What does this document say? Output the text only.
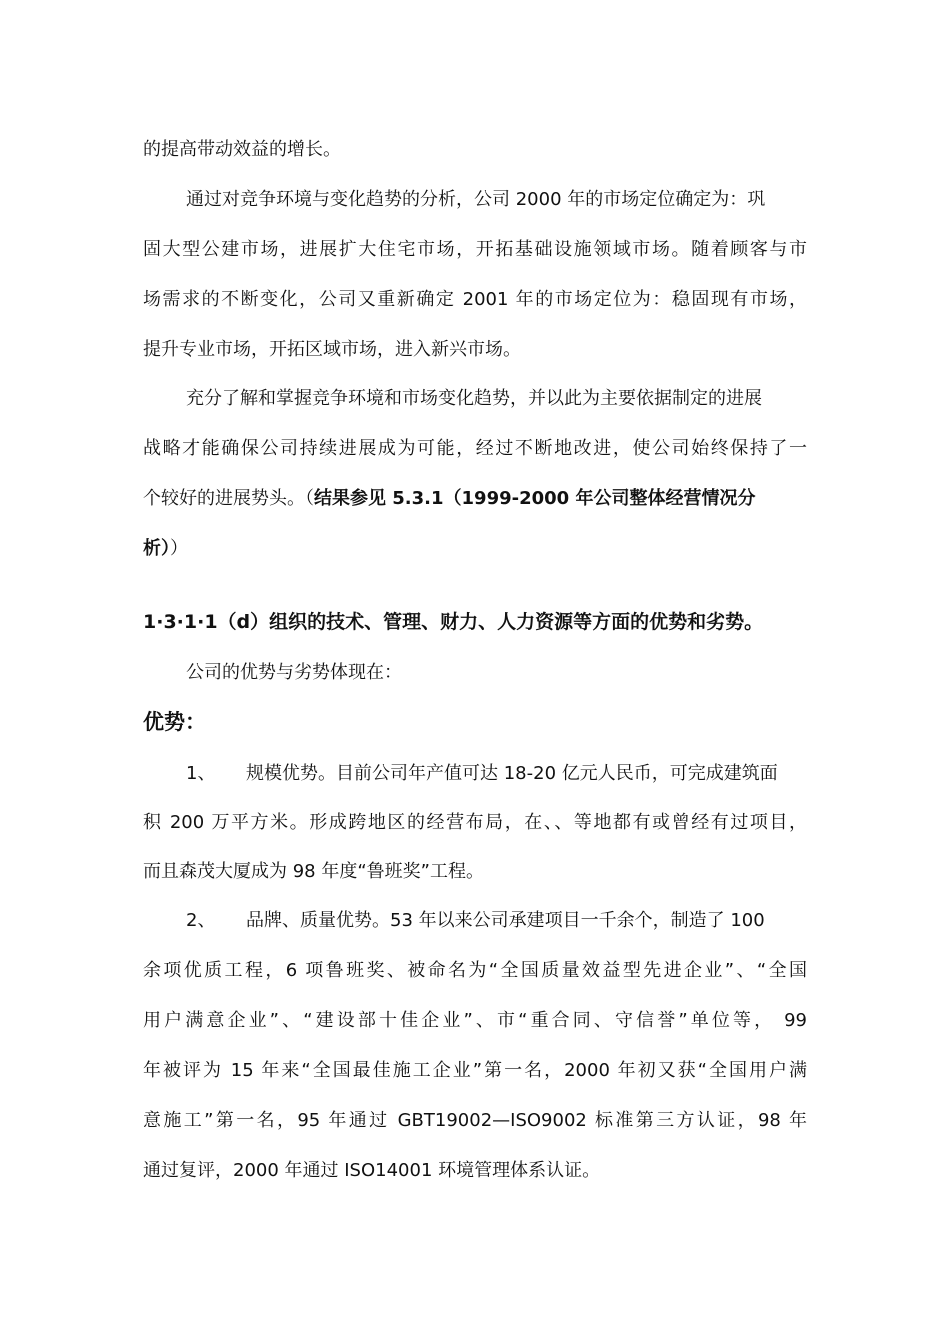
的提高带动效益的增长。
通过对竞争环境与变化趋势的分析，公司 2000 年的市场定位确定为：巩
固大型公建市场，进展扩大住宅市场，开拓基础设施领域市场。随着顾客与市
场需求的不断变化，公司又重新确定 2001 年的市场定位为：稳固现有市场，
提升专业市场，开拓区域市场，进入新兴市场。
充分了解和掌握竞争环境和市场变化趋势，并以此为主要依据制定的进展
战略才能确保公司持续进展成为可能，经过不断地改进，使公司始终保持了一
个较好的进展势头。（结果参见 5.3.1（1999-2000 年公司整体经营情况分
析））
1·3·1·1（d）组织的技术、管理、财力、人力资源等方面的优势和劣势。
公司的优势与劣势体现在：
优势：
1、 规模优势。目前公司年产值可达 18-20 亿元人民币，可完成建筑面
积 200 万平方米。形成跨地区的经营布局，在、、等地都有或曾经有过项目，
而且森茂大厦成为 98 年度“鲁班奖”工程。
2、 品牌、质量优势。53 年以来公司承建项目一千余个，制造了 100
余项优质工程，6 项鲁班奖、被命名为“全国质量效益型先进企业”、“全国
用户满意企业”、“建设部十佳企业”、市“重合同、守信誉”单位等， 99
年被评为 15 年来“全国最佳施工企业”第一名，2000 年初又获“全国用户满
意施工”第一名，95 年通过 GBT19002—ISO9002 标准第三方认证，98 年
通过复评，2000 年通过 ISO14001 环境管理体系认证。
